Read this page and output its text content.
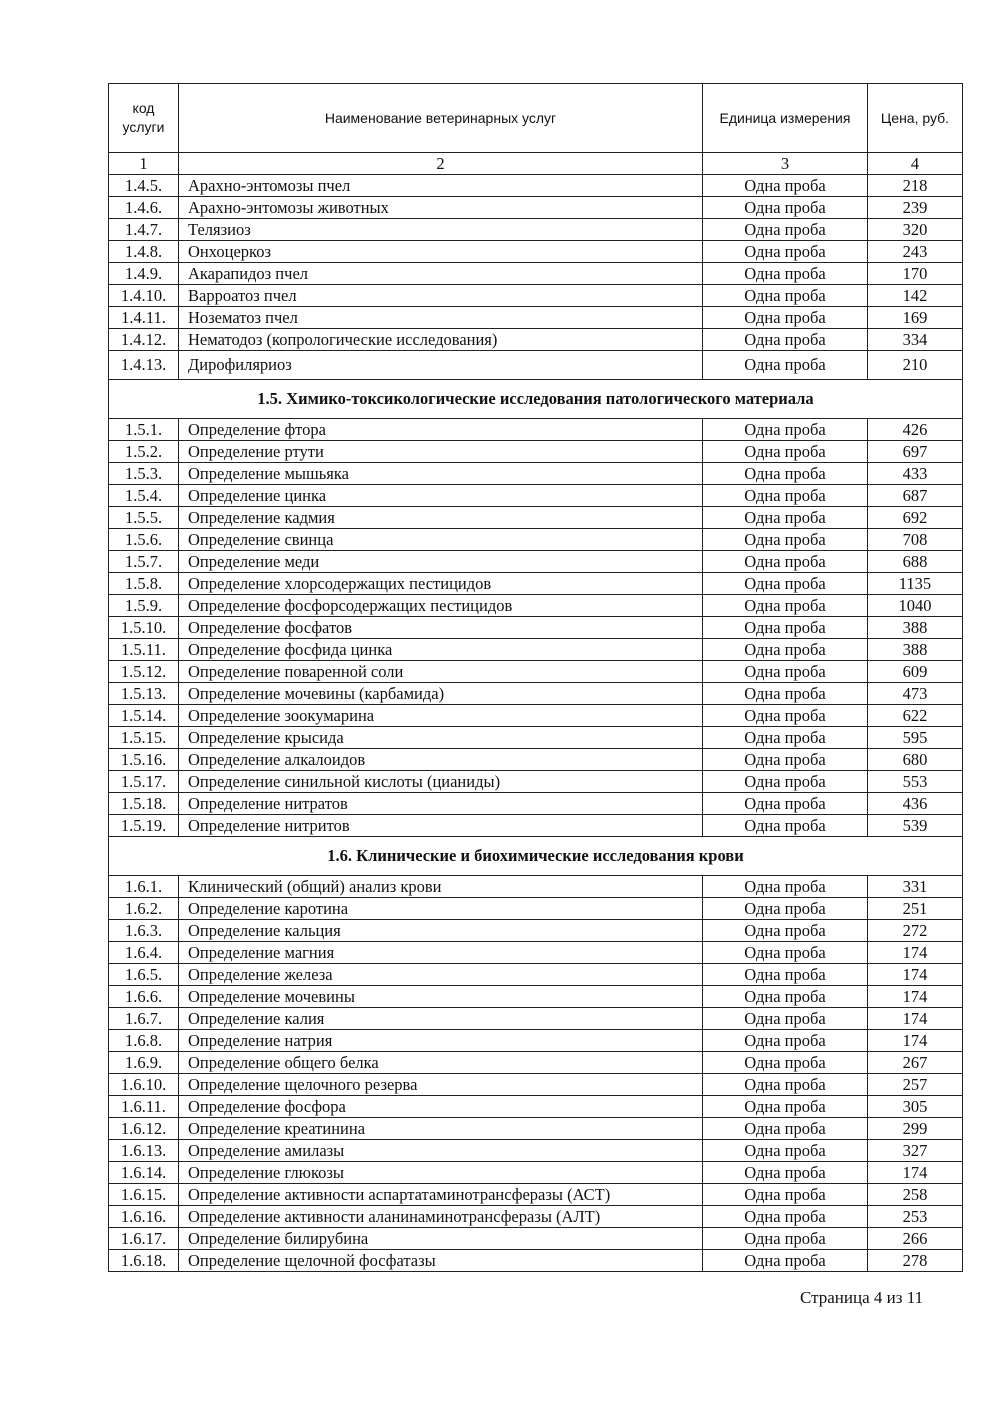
код услуги	Наименование ветеринарных услуг	Единица измерения	Цена, руб.
1	2	3	4
1.4.5.	Арахно-энтомозы пчел	Одна проба	218
1.4.6.	Арахно-энтомозы животных	Одна проба	239
1.4.7.	Телязиоз	Одна проба	320
1.4.8.	Онхоцеркоз	Одна проба	243
1.4.9.	Акарапидоз пчел	Одна проба	170
1.4.10.	Варроатоз пчел	Одна проба	142
1.4.11.	Нозематоз пчел	Одна проба	169
1.4.12.	Нематодоз (копрологические исследования)	Одна проба	334
1.4.13.	Дирофиляриоз	Одна проба	210
1.5. Химико-токсикологические исследования патологического материала			
1.5.1.	Определение фтора	Одна проба	426
1.5.2.	Определение ртути	Одна проба	697
1.5.3.	Определение мышьяка	Одна проба	433
1.5.4.	Определение цинка	Одна проба	687
1.5.5.	Определение кадмия	Одна проба	692
1.5.6.	Определение свинца	Одна проба	708
1.5.7.	Определение меди	Одна проба	688
1.5.8.	Определение хлорсодержащих пестицидов	Одна проба	1135
1.5.9.	Определение фосфорсодержащих пестицидов	Одна проба	1040
1.5.10.	Определение фосфатов	Одна проба	388
1.5.11.	Определение фосфида цинка	Одна проба	388
1.5.12.	Определение поваренной соли	Одна проба	609
1.5.13.	Определение мочевины (карбамида)	Одна проба	473
1.5.14.	Определение зоокумарина	Одна проба	622
1.5.15.	Определение крысида	Одна проба	595
1.5.16.	Определение алкалоидов	Одна проба	680
1.5.17.	Определение синильной кислоты (цианиды)	Одна проба	553
1.5.18.	Определение нитратов	Одна проба	436
1.5.19.	Определение нитритов	Одна проба	539
1.6. Клинические и биохимические исследования крови			
1.6.1.	Клинический (общий) анализ крови	Одна проба	331
1.6.2.	Определение каротина	Одна проба	251
1.6.3.	Определение кальция	Одна проба	272
1.6.4.	Определение магния	Одна проба	174
1.6.5.	Определение железа	Одна проба	174
1.6.6.	Определение мочевины	Одна проба	174
1.6.7.	Определение калия	Одна проба	174
1.6.8.	Определение натрия	Одна проба	174
1.6.9.	Определение общего белка	Одна проба	267
1.6.10.	Определение щелочного резерва	Одна проба	257
1.6.11.	Определение фосфора	Одна проба	305
1.6.12.	Определение креатинина	Одна проба	299
1.6.13.	Определение амилазы	Одна проба	327
1.6.14.	Определение глюкозы	Одна проба	174
1.6.15.	Определение активности аспартатаминотрансферазы (АСТ)	Одна проба	258
1.6.16.	Определение активности аланинаминотрансферазы (АЛТ)	Одна проба	253
1.6.17.	Определение билирубина	Одна проба	266
1.6.18.	Определение щелочной фосфатазы	Одна проба	278
Страница 4 из 11
